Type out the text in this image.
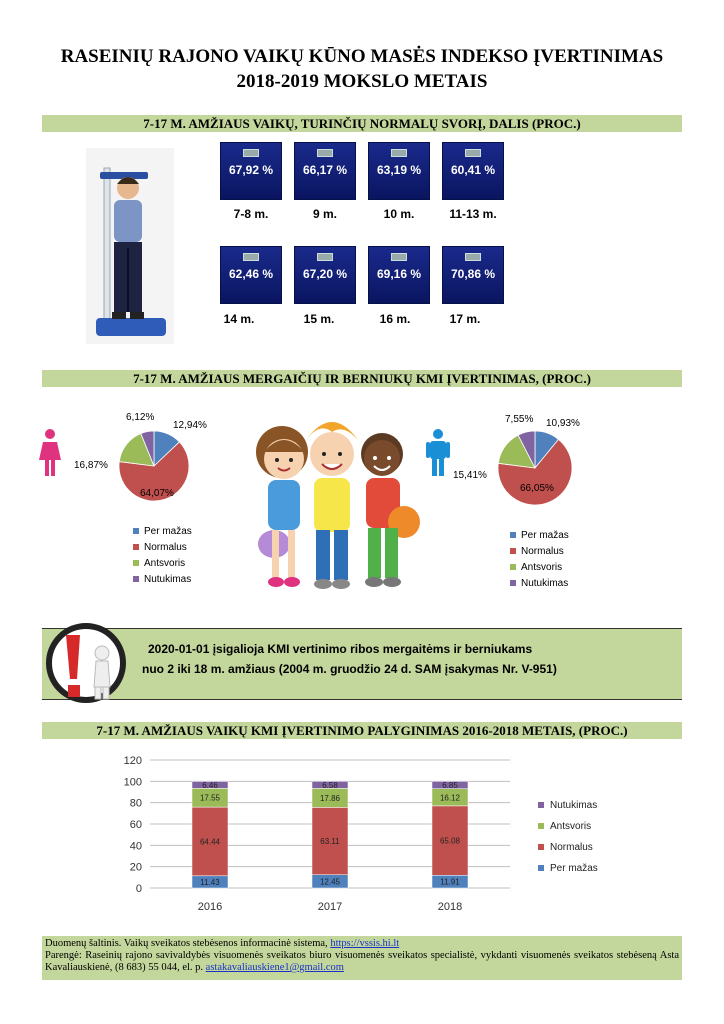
RASEINIŲ RAJONO VAIKŲ KŪNO MASĖS INDEKSO ĮVERTINIMAS
2018-2019 MOKSLO METAIS
7-17 M. AMŽIAUS VAIKŲ, TURINČIŲ NORMALŲ SVORĮ, DALIS (PROC.)
67,92 %	66,17 %	63,19 %	60,41 %
7-8 m.	9 m.	10 m.	11-13 m.
62,46 %	67,20 %	69,16 %	70,86 %
14 m.	15 m.	16 m.	17 m.
7-17 M. AMŽIAUS MERGAIČIŲ IR BERNIUKŲ KMI ĮVERTINIMAS, (PROC.)
6,12%
12,94%
16,87%
64,07%
7,55% 10,93%
15,41%
66,05%
Per mažas
Normalus
Antsvoris
Nutukimas
Per mažas
Normalus
Antsvoris
Nutukimas
2020-01-01 įsigalioja KMI vertinimo ribos mergaitėms ir berniukams
nuo 2 iki 18 m. amžiaus (2004 m. gruodžio 24 d. SAM įsakymas Nr. V-951)
7-17 M. AMŽIAUS VAIKŲ KMI ĮVERTINIMO PALYGINIMAS 2016-2018 METAIS, (PROC.)
0
20
40
60
80
100
120
11.43
64.44
17.55
6.46
2016
12.45
63.11
17.86
6.58
2017
11.91
65.08
16.12
6.85
2018
Nutukimas
Antsvoris
Normalus
Per mažas
Duomenų šaltinis. Vaikų sveikatos stebėsenos informacinė sistema, https://vssis.hi.lt
Parengė: Raseinių rajono savivaldybės visuomenės sveikatos biuro visuomenės sveikatos specialistė, vykdanti visuomenės sveikatos stebėseną Asta Kavaliauskienė, (8 683) 55 044, el. p. astakavaliauskiene1@gmail.com
